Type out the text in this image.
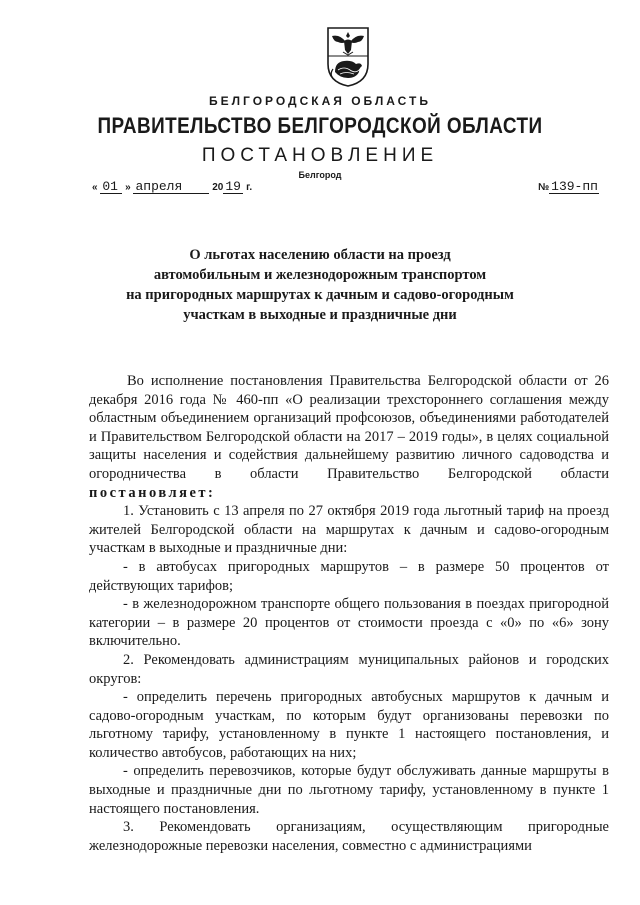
БЕЛГОРОДСКАЯ ОБЛАСТЬ
ПРАВИТЕЛЬСТВО БЕЛГОРОДСКОЙ ОБЛАСТИ
ПОСТАНОВЛЕНИЕ
Белгород
« 01 » апреля	20 19 г.	№ 139-пп
О льготах населению области на проезд
автомобильным и железнодорожным транспортом
на пригородных маршрутах к дачным и садово-огородным
участкам в выходные и праздничные дни

Во исполнение постановления Правительства Белгородской области от 26 декабря 2016 года № 460-пп «О реализации трехстороннего соглашения между областным объединением организаций профсоюзов, объединениями работодателей и Правительством Белгородской области на 2017 – 2019 годы», в целях социальной защиты населения и содействия дальнейшему развитию личного садоводства и огородничества в области Правительство Белгородской области постановляет:

1. Установить с 13 апреля по 27 октября 2019 года льготный тариф на проезд жителей Белгородской области на маршрутах к дачным и садово-огородным участкам в выходные и праздничные дни:

- в автобусах пригородных маршрутов – в размере 50 процентов от действующих тарифов;

- в железнодорожном транспорте общего пользования в поездах пригородной категории – в размере 20 процентов от стоимости проезда с «0» по «6» зону включительно.

2. Рекомендовать администрациям муниципальных районов и городских округов:

- определить перечень пригородных автобусных маршрутов к дачным и садово-огородным участкам, по которым будут организованы перевозки по льготному тарифу, установленному в пункте 1 настоящего постановления, и количество автобусов, работающих на них;

- определить перевозчиков, которые будут обслуживать данные маршруты в выходные и праздничные дни по льготному тарифу, установленному в пункте 1 настоящего постановления.

3. Рекомендовать организациям, осуществляющим пригородные железнодорожные перевозки населения, совместно с администрациями
